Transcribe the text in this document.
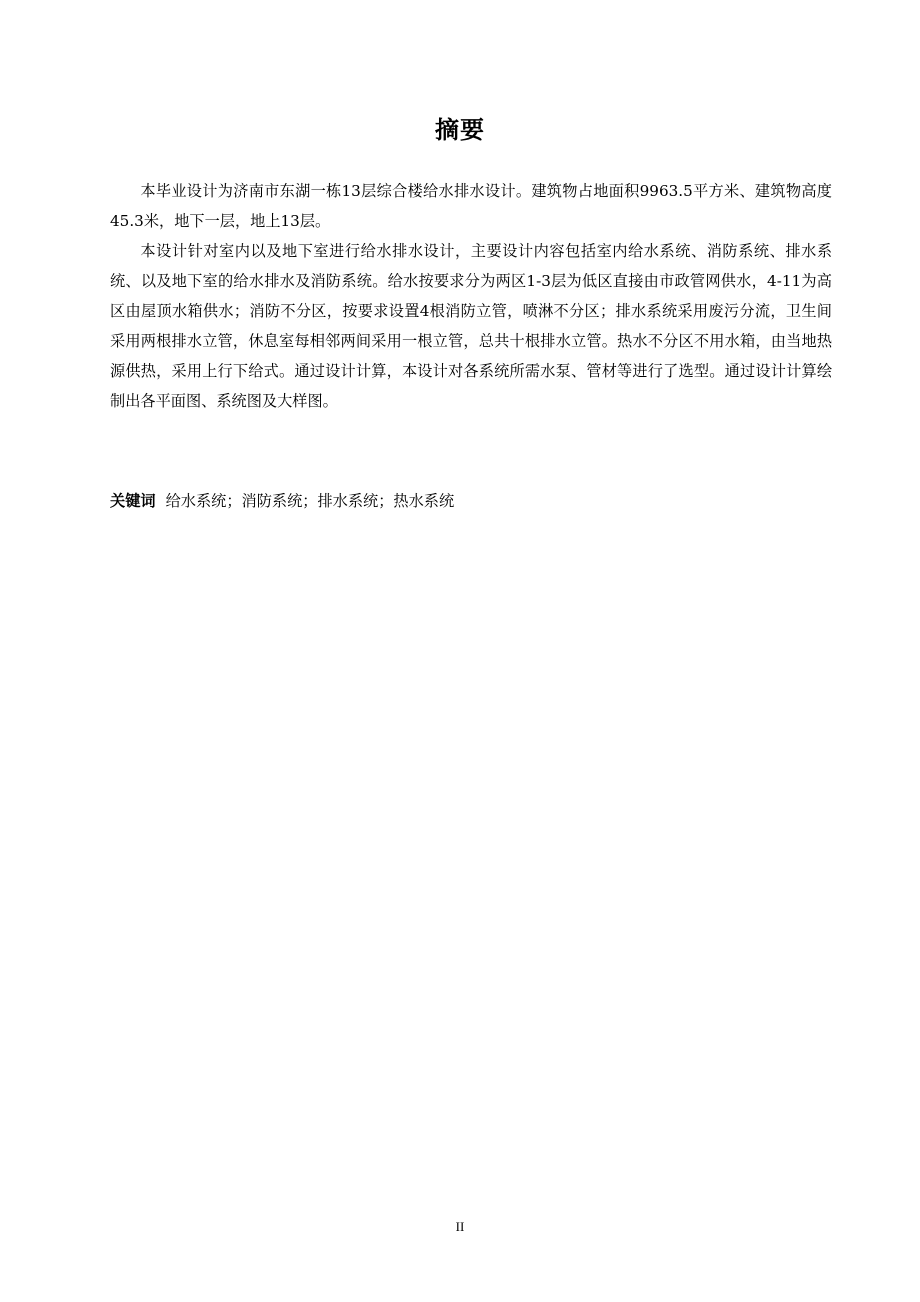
摘要

本毕业设计为济南市东湖一栋13层综合楼给水排水设计。建筑物占地面积9963.5平方米、建筑物高度45.3米，地下一层，地上13层。

本设计针对室内以及地下室进行给水排水设计，主要设计内容包括室内给水系统、消防系统、排水系统、以及地下室的给水排水及消防系统。给水按要求分为两区1-3层为低区直接由市政管网供水，4-11为高区由屋顶水箱供水；消防不分区，按要求设置4根消防立管，喷淋不分区；排水系统采用废污分流，卫生间采用两根排水立管，休息室每相邻两间采用一根立管，总共十根排水立管。热水不分区不用水箱，由当地热源供热，采用上行下给式。通过设计计算，本设计对各系统所需水泵、管材等进行了选型。通过设计计算绘制出各平面图、系统图及大样图。

关键词 给水系统；消防系统；排水系统；热水系统
II
